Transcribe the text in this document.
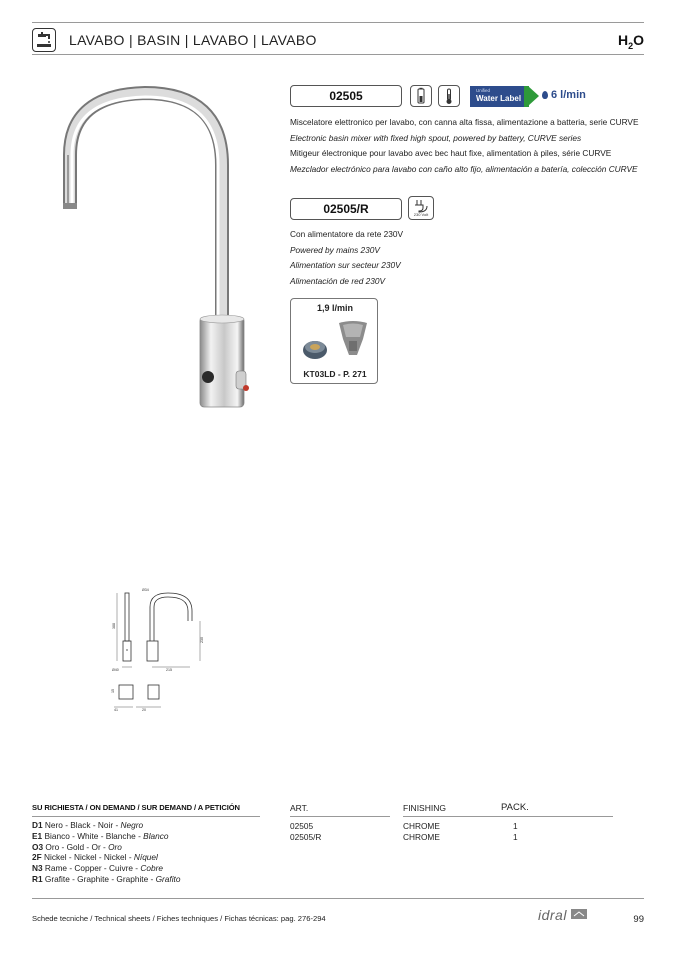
LAVABO | BASIN | LAVABO | LAVABO	$H_2O$
02505	Unified
Water Label	6 l/min

Miscelatore elettronico per lavabo, con canna alta fissa, alimentazione a batteria, serie CURVE

Electronic basin mixer with fixed high spout, powered by battery, CURVE series

Mitigeur électronique pour lavabo avec bec haut fixe, alimentation à piles, série CURVE

Mezclador electrónico para lavabo con caño alto fijo, alimentación a batería, colección CURVE

02505/R	230 Volt

Con alimentatore da rete 230V

Powered by mains 230V

Alimentation sur secteur 230V

Alimentación de red 230V

1,9 l/min
KT03LD - P. 271
Ø34
388
230
Ø40	215
41	20
15
SU RICHIESTA / ON DEMAND / SUR DEMAND / A PETICIÓN
D1 Nero - Black - Noir - Negro
E1 Bianco - White - Blanche - Blanco
O3 Oro - Gold - Or - Oro
2F Nickel - Nickel - Nickel - Níquel
N3 Rame - Copper - Cuivre - Cobre
R1 Grafite - Graphite - Graphite - Grafito
ART.	FINISHING	PACK.
02505	CHROME	1
02505/R	CHROME	1
Schede tecniche / Technical sheets / Fiches techniques / Fichas técnicas: pag. 276-294	idral	99
